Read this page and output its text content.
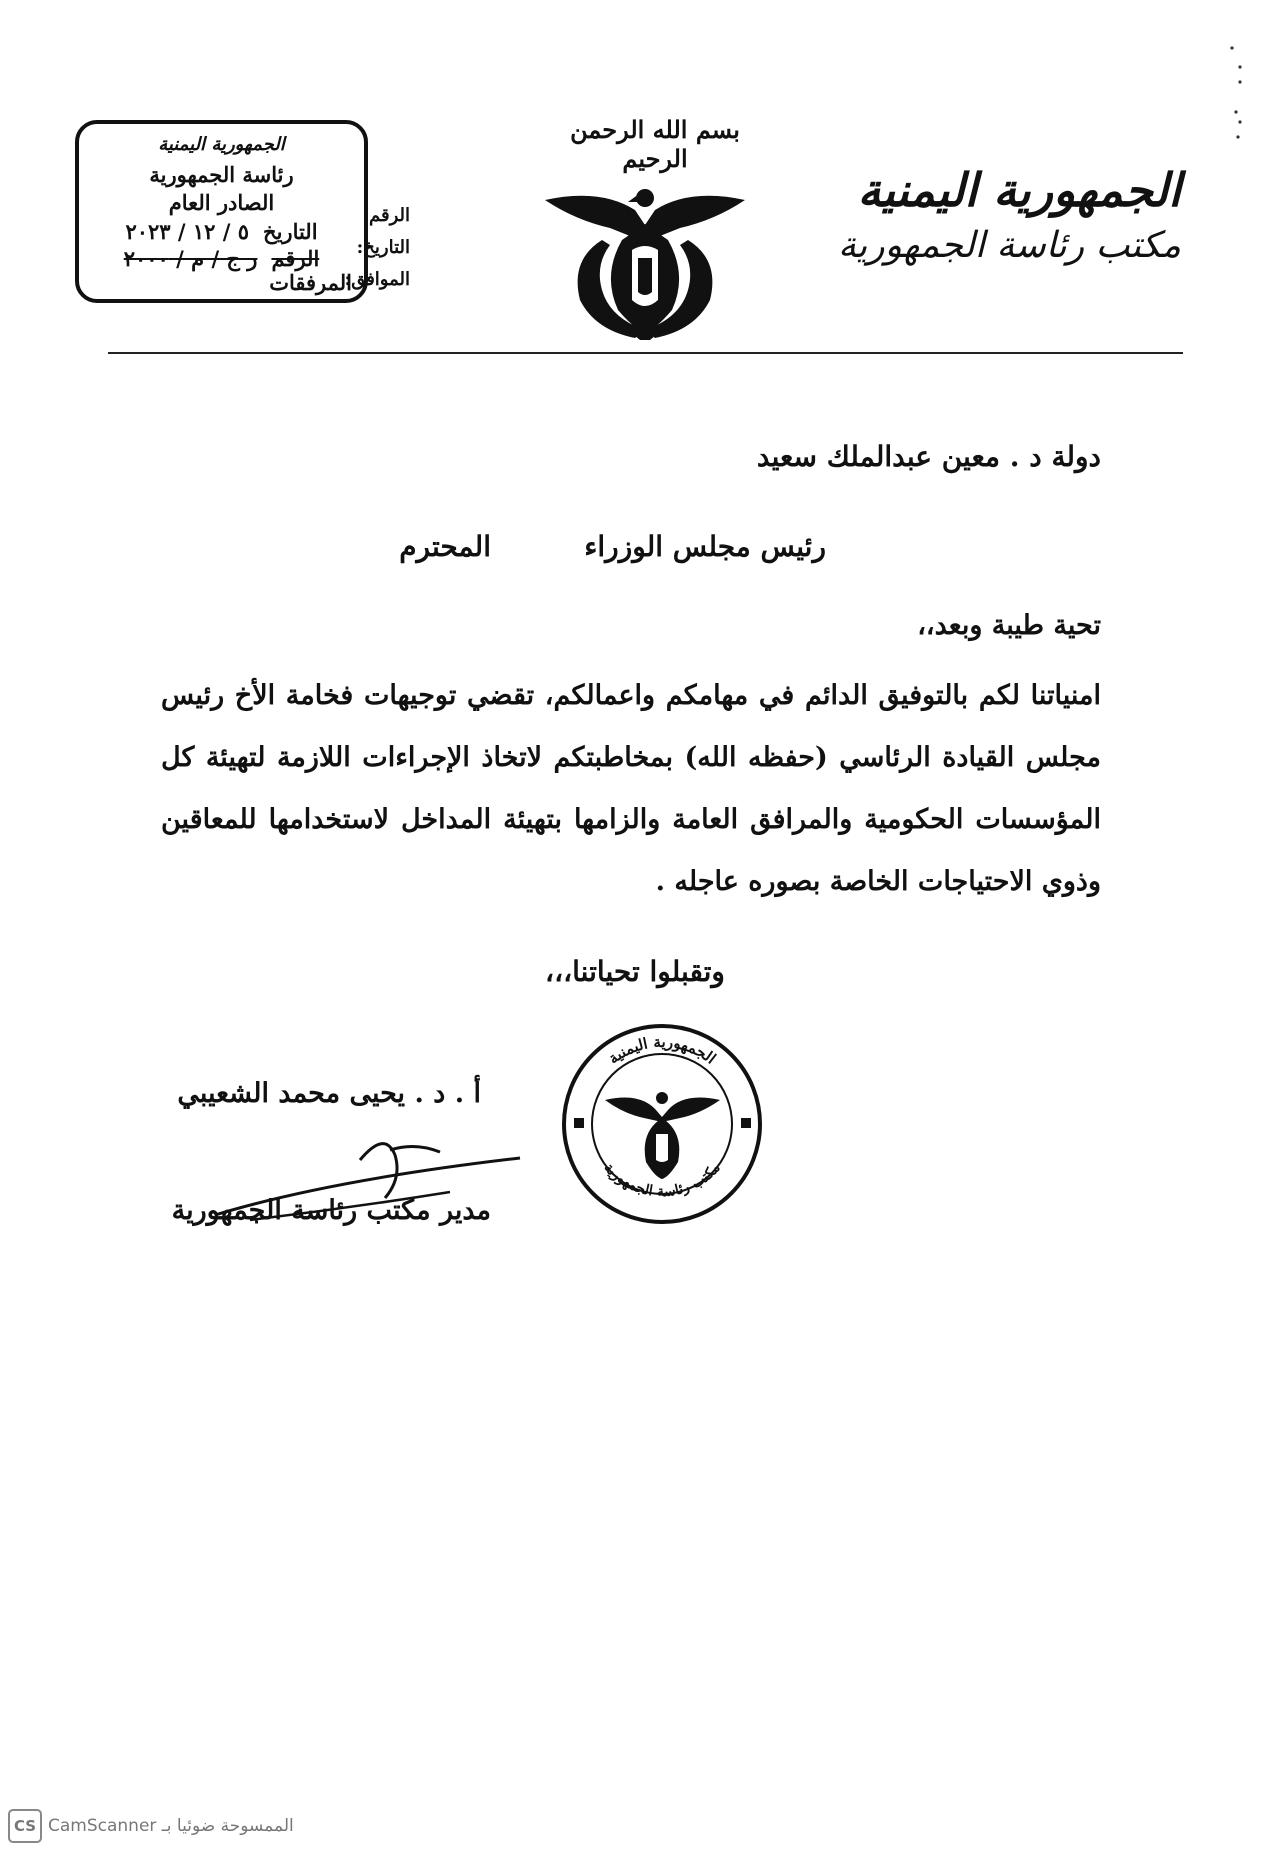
الجمهورية اليمنية
مكتب رئاسة الجمهورية
بسم الله الرحمن الرحيم
الرقم:
التاريخ:
الموافق:
الجمهورية اليمنية
رئاسة الجمهورية
الصادر العام
التاريخ
٥ / ١٢ / ٢٠٢٣
الرقم
ر ج / م / ٢٠٠٠
المرفقات
دولة د . معين عبدالملك سعيد
رئيس مجلس الوزراء
المحترم
تحية طيبة وبعد،،
امنياتنا لكم بالتوفيق الدائم في مهامكم واعمالكم، تقضي توجيهات فخامة الأخ رئيس مجلس القيادة الرئاسي (حفظه الله) بمخاطبتكم لاتخاذ الإجراءات اللازمة لتهيئة كل المؤسسات الحكومية والمرافق العامة والزامها بتهيئة المداخل لاستخدامها للمعاقين وذوي الاحتياجات الخاصة بصوره عاجله .
وتقبلوا تحياتنا،،،
أ . د . يحيى محمد الشعيبي
مدير مكتب رئاسة الجمهورية
الجمهورية اليمنية
مكتب رئاسة الجمهورية
CS الممسوحة ضوئيا بـ CamScanner
